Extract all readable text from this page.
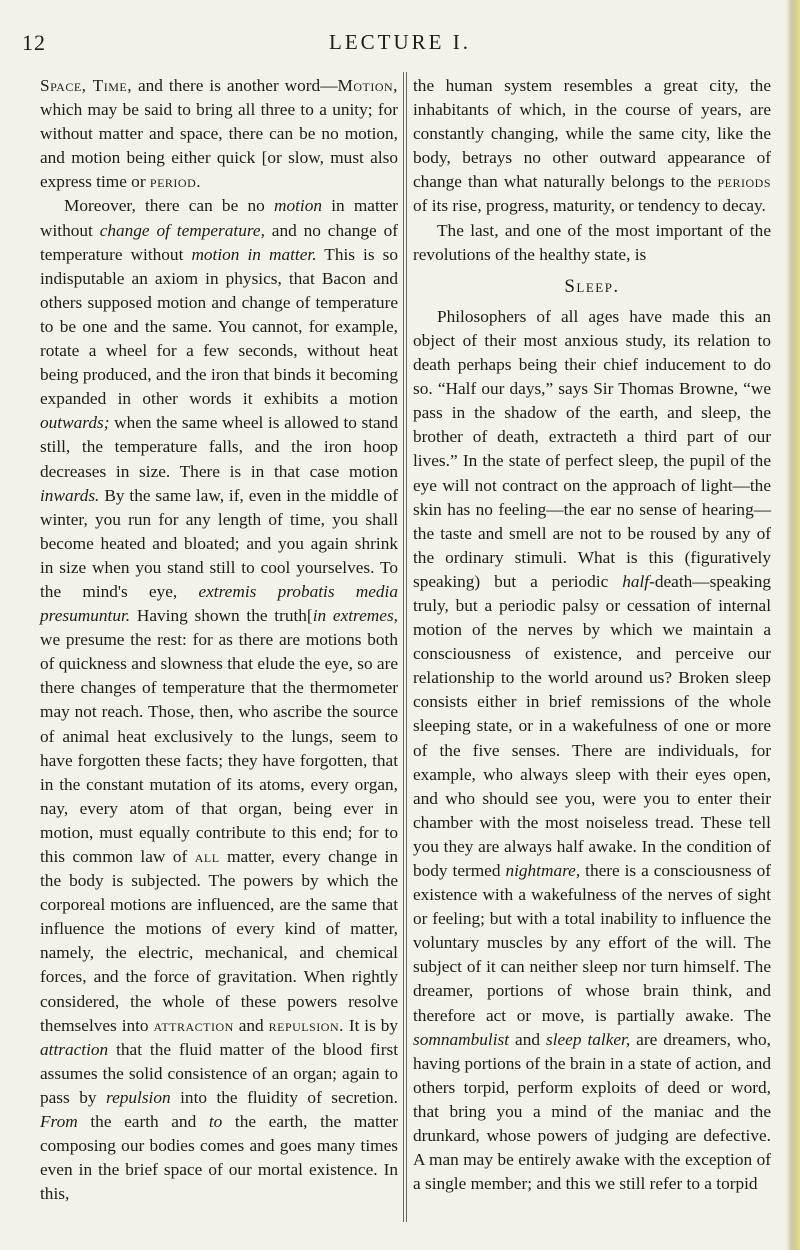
12	LECTURE I.

Space, Time, and there is another word—Motion, which may be said to bring all three to a unity; for without matter and space, there can be no motion, and motion being either quick [or slow, must also express time or period.

Moreover, there can be no motion in matter without change of temperature, and no change of temperature without motion in matter. This is so indisputable an axiom in physics, that Bacon and others supposed motion and change of temperature to be one and the same. You cannot, for example, rotate a wheel for a few seconds, without heat being produced, and the iron that binds it becoming expanded in other words it exhibits a motion outwards; when the same wheel is allowed to stand still, the temperature falls, and the iron hoop decreases in size. There is in that case motion inwards. By the same law, if, even in the middle of winter, you run for any length of time, you shall become heated and bloated; and you again shrink in size when you stand still to cool yourselves. To the mind's eye, extremis probatis media presumuntur. Having shown the truth[in extremes, we presume the rest: for as there are motions both of quickness and slowness that elude the eye, so are there changes of temperature that the thermometer may not reach. Those, then, who ascribe the source of animal heat exclusively to the lungs, seem to have forgotten these facts; they have forgotten, that in the constant mutation of its atoms, every organ, nay, every atom of that organ, being ever in motion, must equally contribute to this end; for to this common law of all matter, every change in the body is subjected. The powers by which the corporeal motions are influenced, are the same that influence the motions of every kind of matter, namely, the electric, mechanical, and chemical forces, and the force of gravitation. When rightly considered, the whole of these powers resolve themselves into attraction and repulsion. It is by attraction that the fluid matter of the blood first assumes the solid consistence of an organ; again to pass by repulsion into the fluidity of secretion. From the earth and to the earth, the matter composing our bodies comes and goes many times even in the brief space of our mortal existence. In this,

the human system resembles a great city, the inhabitants of which, in the course of years, are constantly changing, while the same city, like the body, betrays no other outward appearance of change than what naturally belongs to the periods of its rise, progress, maturity, or tendency to decay.

The last, and one of the most important of the revolutions of the healthy state, is

Sleep.

Philosophers of all ages have made this an object of their most anxious study, its relation to death perhaps being their chief inducement to do so. “Half our days,” says Sir Thomas Browne, “we pass in the shadow of the earth, and sleep, the brother of death, extracteth a third part of our lives.” In the state of perfect sleep, the pupil of the eye will not contract on the approach of light—the skin has no feeling—the ear no sense of hearing—the taste and smell are not to be roused by any of the ordinary stimuli. What is this (figuratively speaking) but a periodic half-death—speaking truly, but a periodic palsy or cessation of internal motion of the nerves by which we maintain a consciousness of existence, and perceive our relationship to the world around us? Broken sleep consists either in brief remissions of the whole sleeping state, or in a wakefulness of one or more of the five senses. There are individuals, for example, who always sleep with their eyes open, and who should see you, were you to enter their chamber with the most noiseless tread. These tell you they are always half awake. In the condition of body termed nightmare, there is a consciousness of existence with a wakefulness of the nerves of sight or feeling; but with a total inability to influence the voluntary muscles by any effort of the will. The subject of it can neither sleep nor turn himself. The dreamer, portions of whose brain think, and therefore act or move, is partially awake. The somnambulist and sleep talker, are dreamers, who, having portions of the brain in a state of action, and others torpid, perform exploits of deed or word, that bring you a mind of the maniac and the drunkard, whose powers of judging are defective. A man may be entirely awake with the exception of a single member; and this we still refer to a torpid
